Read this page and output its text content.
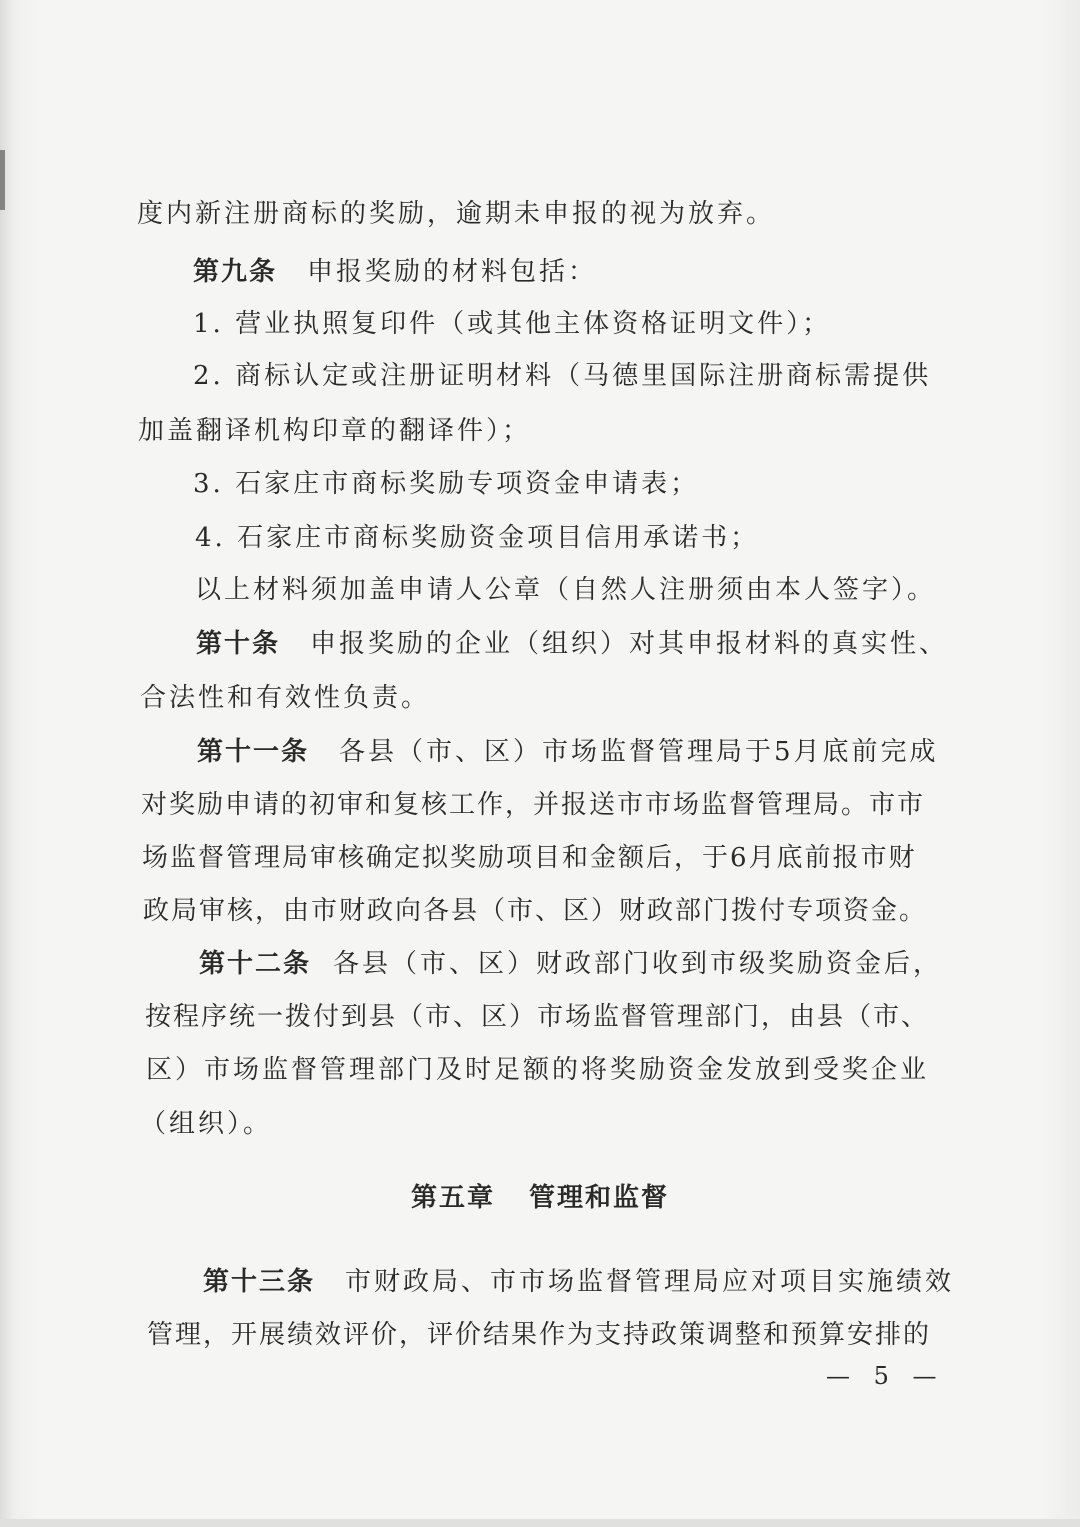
度内新注册商标的奖励，逾期未申报的视为放弃。
第九条 申报奖励的材料包括：
1. 营业执照复印件（或其他主体资格证明文件）；
2. 商标认定或注册证明材料（马德里国际注册商标需提供
加盖翻译机构印章的翻译件）；
3. 石家庄市商标奖励专项资金申请表；
4. 石家庄市商标奖励资金项目信用承诺书；
以上材料须加盖申请人公章（自然人注册须由本人签字）。
第十条 申报奖励的企业（组织）对其申报材料的真实性、
合法性和有效性负责。
第十一条 各县（市、区）市场监督管理局于5月底前完成
对奖励申请的初审和复核工作，并报送市市场监督管理局。市市
场监督管理局审核确定拟奖励项目和金额后，于6月底前报市财
政局审核，由市财政向各县（市、区）财政部门拨付专项资金。
第十二条 各县（市、区）财政部门收到市级奖励资金后，
按程序统一拨付到县（市、区）市场监督管理部门，由县（市、
区）市场监督管理部门及时足额的将奖励资金发放到受奖企业
（组织）。
第五章 管理和监督
第十三条 市财政局、市市场监督管理局应对项目实施绩效
管理，开展绩效评价，评价结果作为支持政策调整和预算安排的
— 5 —
